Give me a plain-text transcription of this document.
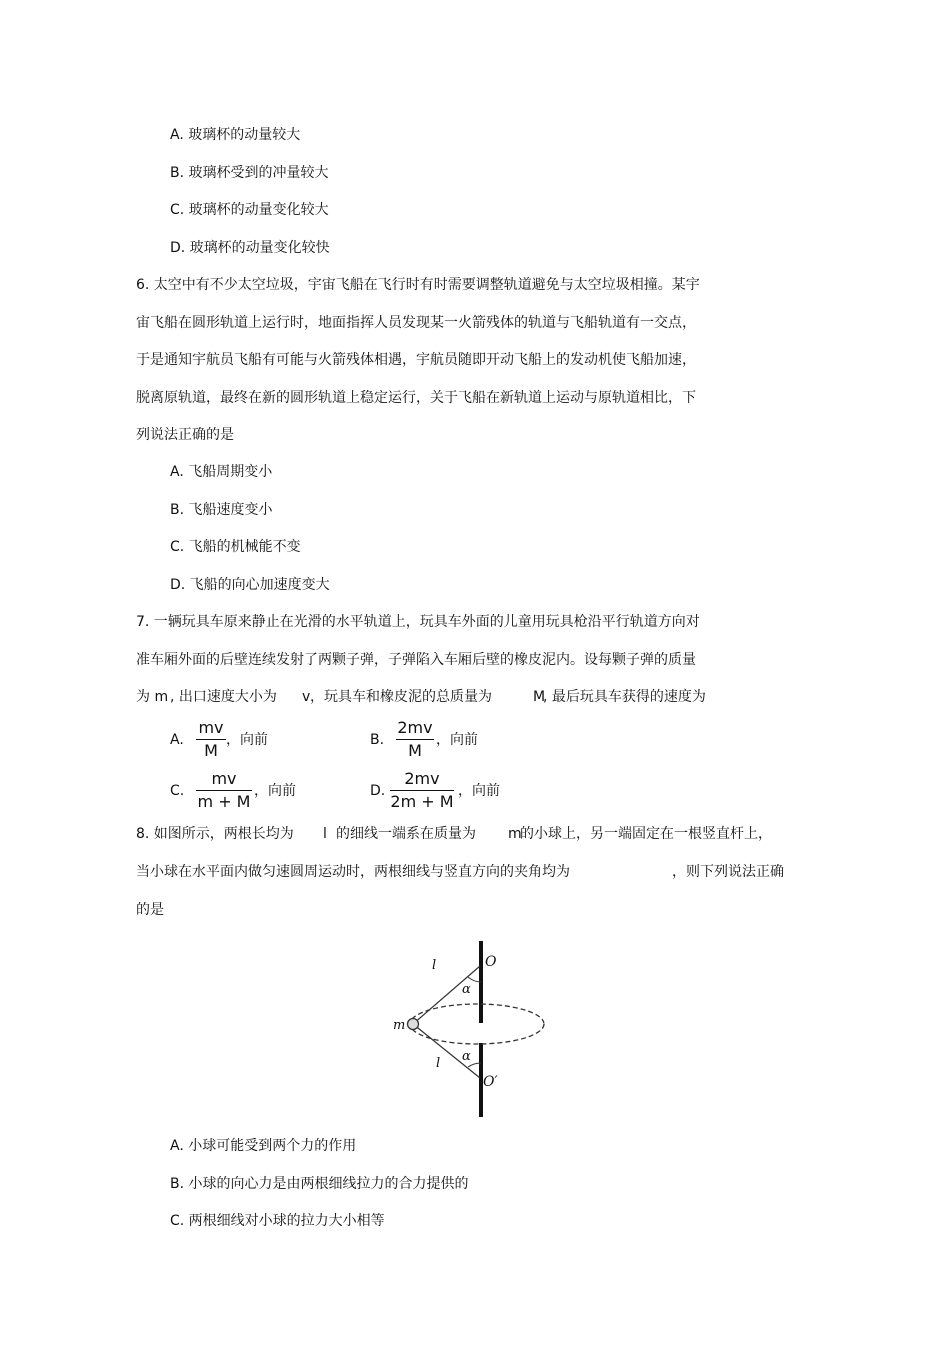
A. 玻璃杯的动量较大
B. 玻璃杯受到的冲量较大
C. 玻璃杯的动量变化较大
D. 玻璃杯的动量变化较快
6. 太空中有不少太空垃圾，宇宙飞船在飞行时有时需要调整轨道避免与太空垃圾相撞。某宇
宙飞船在圆形轨道上运行时，地面指挥人员发现某一火箭残体的轨道与飞船轨道有一交点，
于是通知宇航员飞船有可能与火箭残体相遇，宇航员随即开动飞船上的发动机使飞船加速，
脱离原轨道，最终在新的圆形轨道上稳定运行，关于飞船在新轨道上运动与原轨道相比，下
列说法正确的是
A. 飞船周期变小
B. 飞船速度变小
C. 飞船的机械能不变
D. 飞船的向心加速度变大
7. 一辆玩具车原来静止在光滑的水平轨道上，玩具车外面的儿童用玩具枪沿平行轨道方向对
准车厢外面的后壁连续发射了两颗子弹，子弹陷入车厢后壁的橡皮泥内。设每颗子弹的质量
为 m , 出口速度大小为 v ，玩具车和橡皮泥的总质量为	M
, 最后玩具车获得的速度为
A.
mv
M
，向前	B.
2mv
M
，向前
C.
mv
m + M
，向前	D.
2mv
2m + M
，向前
8. 如图所示，两根长均为 l 的细线一端系在质量为 m
的小球上，另一端固定在一根竖直杆上，
当小球在水平面内做匀速圆周运动时，两根细线与竖直方向的夹角均为	，则下列说法正确
的是
O
O′
l
l
α
α
m
A. 小球可能受到两个力的作用
B. 小球的向心力是由两根细线拉力的合力提供的
C. 两根细线对小球的拉力大小相等
